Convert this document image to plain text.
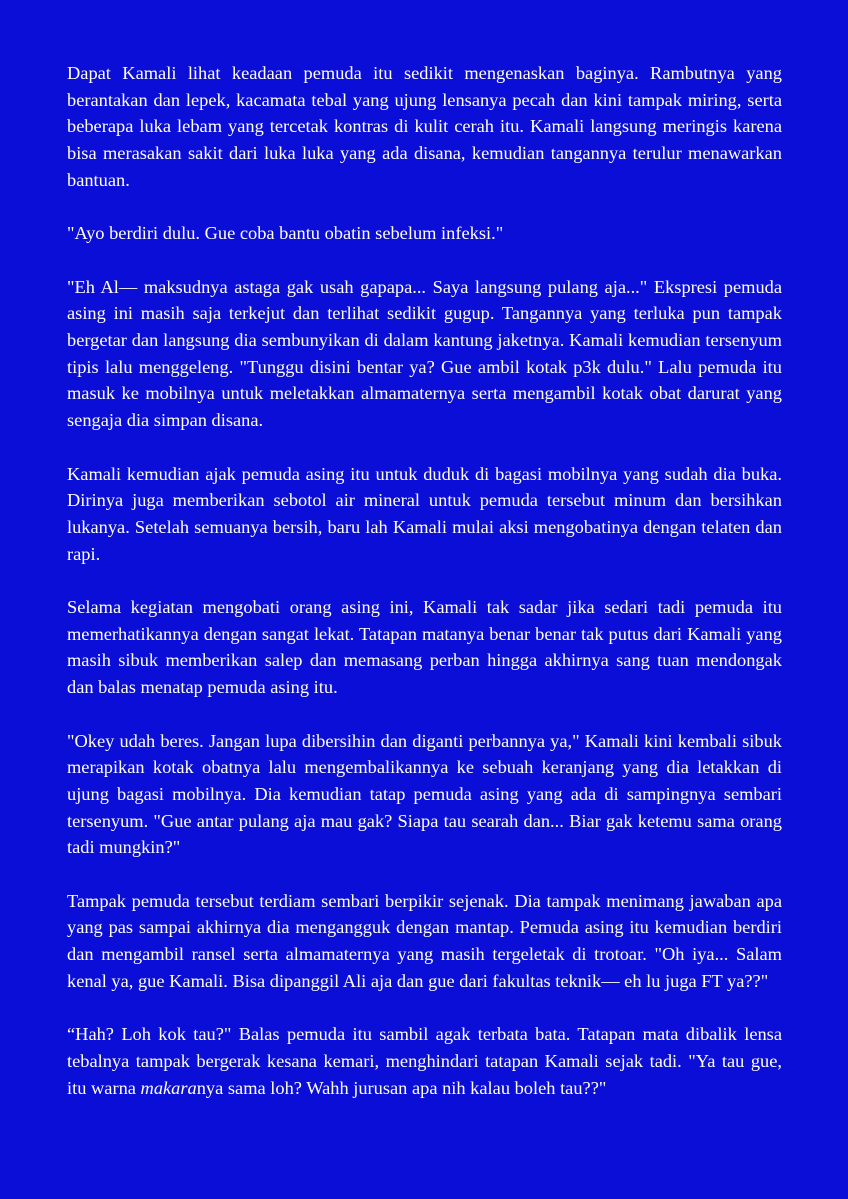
Dapat Kamali lihat keadaan pemuda itu sedikit mengenaskan baginya. Rambutnya yang berantakan dan lepek, kacamata tebal yang ujung lensanya pecah dan kini tampak miring, serta beberapa luka lebam yang tercetak kontras di kulit cerah itu. Kamali langsung meringis karena bisa merasakan sakit dari luka luka yang ada disana, kemudian tangannya terulur menawarkan bantuan.

"Ayo berdiri dulu. Gue coba bantu obatin sebelum infeksi."

"Eh Al— maksudnya astaga gak usah gapapa... Saya langsung pulang aja..." Ekspresi pemuda asing ini masih saja terkejut dan terlihat sedikit gugup. Tangannya yang terluka pun tampak bergetar dan langsung dia sembunyikan di dalam kantung jaketnya. Kamali kemudian tersenyum tipis lalu menggeleng. "Tunggu disini bentar ya? Gue ambil kotak p3k dulu." Lalu pemuda itu masuk ke mobilnya untuk meletakkan almamaternya serta mengambil kotak obat darurat yang sengaja dia simpan disana.

Kamali kemudian ajak pemuda asing itu untuk duduk di bagasi mobilnya yang sudah dia buka. Dirinya juga memberikan sebotol air mineral untuk pemuda tersebut minum dan bersihkan lukanya. Setelah semuanya bersih, baru lah Kamali mulai aksi mengobatinya dengan telaten dan rapi.

Selama kegiatan mengobati orang asing ini, Kamali tak sadar jika sedari tadi pemuda itu memerhatikannya dengan sangat lekat. Tatapan matanya benar benar tak putus dari Kamali yang masih sibuk memberikan salep dan memasang perban hingga akhirnya sang tuan mendongak dan balas menatap pemuda asing itu.

"Okey udah beres. Jangan lupa dibersihin dan diganti perbannya ya," Kamali kini kembali sibuk merapikan kotak obatnya lalu mengembalikannya ke sebuah keranjang yang dia letakkan di ujung bagasi mobilnya. Dia kemudian tatap pemuda asing yang ada di sampingnya sembari tersenyum. "Gue antar pulang aja mau gak? Siapa tau searah dan... Biar gak ketemu sama orang tadi mungkin?"

Tampak pemuda tersebut terdiam sembari berpikir sejenak. Dia tampak menimang jawaban apa yang pas sampai akhirnya dia mengangguk dengan mantap. Pemuda asing itu kemudian berdiri dan mengambil ransel serta almamaternya yang masih tergeletak di trotoar. "Oh iya... Salam kenal ya, gue Kamali. Bisa dipanggil Ali aja dan gue dari fakultas teknik— eh lu juga FT ya??"

“Hah? Loh kok tau?" Balas pemuda itu sambil agak terbata bata. Tatapan mata dibalik lensa tebalnya tampak bergerak kesana kemari, menghindari tatapan Kamali sejak tadi. "Ya tau gue, itu warna makaranya sama loh? Wahh jurusan apa nih kalau boleh tau??"
